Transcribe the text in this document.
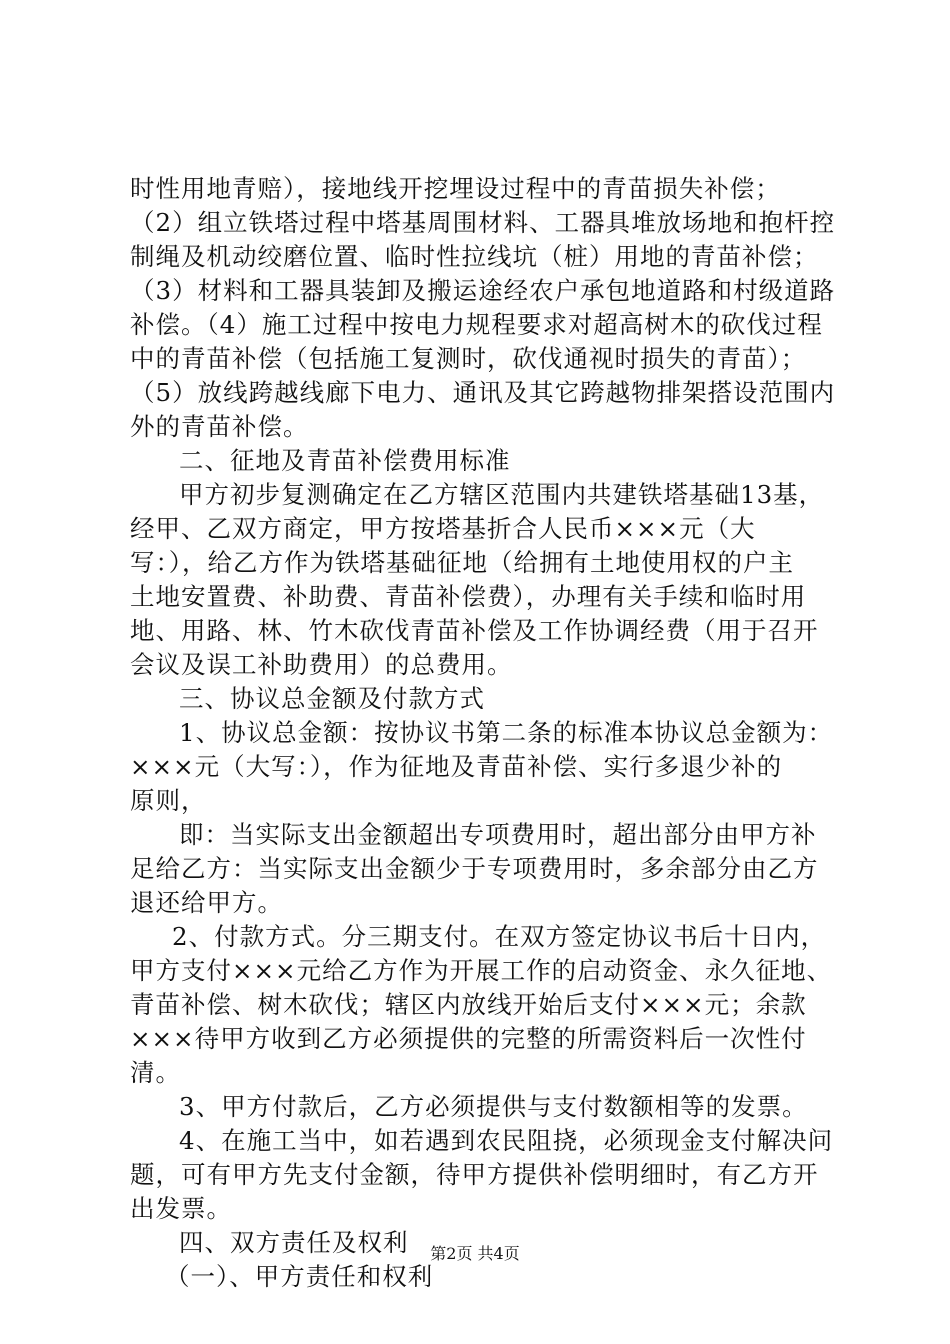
时性用地青赔），接地线开挖埋设过程中的青苗损失补偿；
（2）组立铁塔过程中塔基周围材料、工器具堆放场地和抱杆控
制绳及机动绞磨位置、临时性拉线坑（桩）用地的青苗补偿；
（3）材料和工器具装卸及搬运途经农户承包地道路和村级道路
补偿。（4）施工过程中按电力规程要求对超高树木的砍伐过程
中的青苗补偿（包括施工复测时，砍伐通视时损失的青苗）；
（5）放线跨越线廊下电力、通讯及其它跨越物排架搭设范围内
外的青苗补偿。
二、征地及青苗补偿费用标准
甲方初步复测确定在乙方辖区范围内共建铁塔基础13基，
经甲、乙双方商定，甲方按塔基折合人民币×××元（大
写：），给乙方作为铁塔基础征地（给拥有土地使用权的户主
土地安置费、补助费、青苗补偿费），办理有关手续和临时用
地、用路、林、竹木砍伐青苗补偿及工作协调经费（用于召开
会议及误工补助费用）的总费用。
三、协议总金额及付款方式
1、协议总金额：按协议书第二条的标准本协议总金额为：
×××元（大写：），作为征地及青苗补偿、实行多退少补的
原则，
即：当实际支出金额超出专项费用时，超出部分由甲方补
足给乙方：当实际支出金额少于专项费用时，多余部分由乙方
退还给甲方。
2、付款方式。分三期支付。在双方签定协议书后十日内，
甲方支付×××元给乙方作为开展工作的启动资金、永久征地、
青苗补偿、树木砍伐；辖区内放线开始后支付×××元；余款
×××待甲方收到乙方必须提供的完整的所需资料后一次性付
清。
3、甲方付款后，乙方必须提供与支付数额相等的发票。
4、在施工当中，如若遇到农民阻挠，必须现金支付解决问
题，可有甲方先支付金额，待甲方提供补偿明细时，有乙方开
出发票。
四、双方责任及权利
（一）、甲方责任和权利
第2页 共4页
